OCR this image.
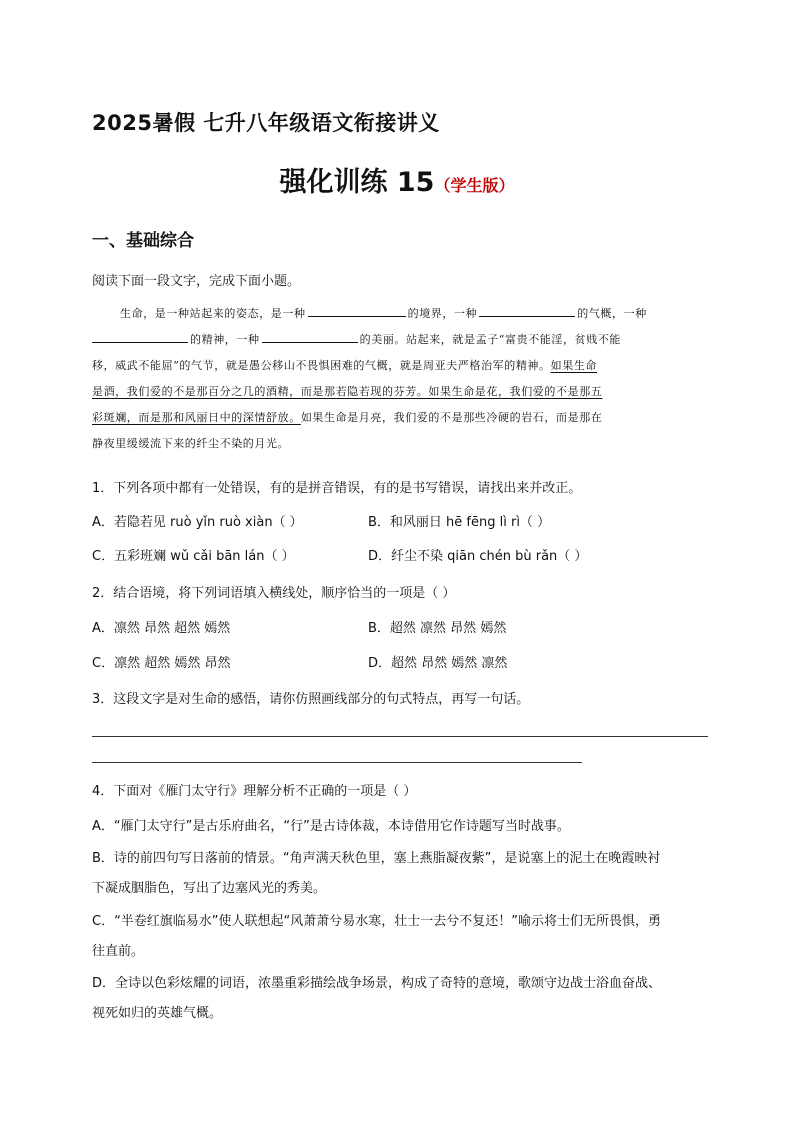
2025暑假 七升八年级语文衔接讲义
强化训练 15（学生版）
一、基础综合
阅读下面一段文字，完成下面小题。
生命，是一种站起来的姿态，是一种	的境界，一种	的气概，一种
的精神，一种	的美丽。站起来，就是孟子“富贵不能淫，贫贱不能
移，威武不能屈”的气节，就是愚公移山不畏惧困难的气概，就是周亚夫严格治军的精神。如果生命
是酒，我们爱的不是那百分之几的酒精，而是那若隐若现的芬芳。如果生命是花，我们爱的不是那五
彩斑斓，而是那和风丽日中的深情舒放。如果生命是月亮，我们爱的不是那些冷硬的岩石，而是那在
静夜里缓缓流下来的纤尘不染的月光。
1．下列各项中都有一处错误，有的是拼音错误，有的是书写错误，请找出来并改正。
A．若隐若见 ruò yǐn ruò xiàn（ ）	B．和风丽日 hē fēng lì rì（ ）
C．五彩班斓 wǔ cǎi bān lán（ ）	D．纤尘不染 qiān chén bù rǎn（ ）
2．结合语境，将下列词语填入横线处，顺序恰当的一项是（ ）
A．凛然 昂然 超然 嫣然	B．超然 凛然 昂然 嫣然
C．凛然 超然 嫣然 昂然	D．超然 昂然 嫣然 凛然
3．这段文字是对生命的感悟，请你仿照画线部分的句式特点，再写一句话。
4．下面对《雁门太守行》理解分析不正确的一项是（ ）
A．“雁门太守行”是古乐府曲名，“行”是古诗体裁，本诗借用它作诗题写当时战事。
B．诗的前四句写日落前的情景。“角声满天秋色里，塞上燕脂凝夜紫”，是说塞上的泥土在晚霞映衬
下凝成胭脂色，写出了边塞风光的秀美。
C．“半卷红旗临易水”使人联想起“风萧萧兮易水寒，壮士一去兮不复还！”喻示将士们无所畏惧，勇
往直前。
D．全诗以色彩炫耀的词语，浓墨重彩描绘战争场景，构成了奇特的意境，歌颂守边战士浴血奋战、
视死如归的英雄气概。
